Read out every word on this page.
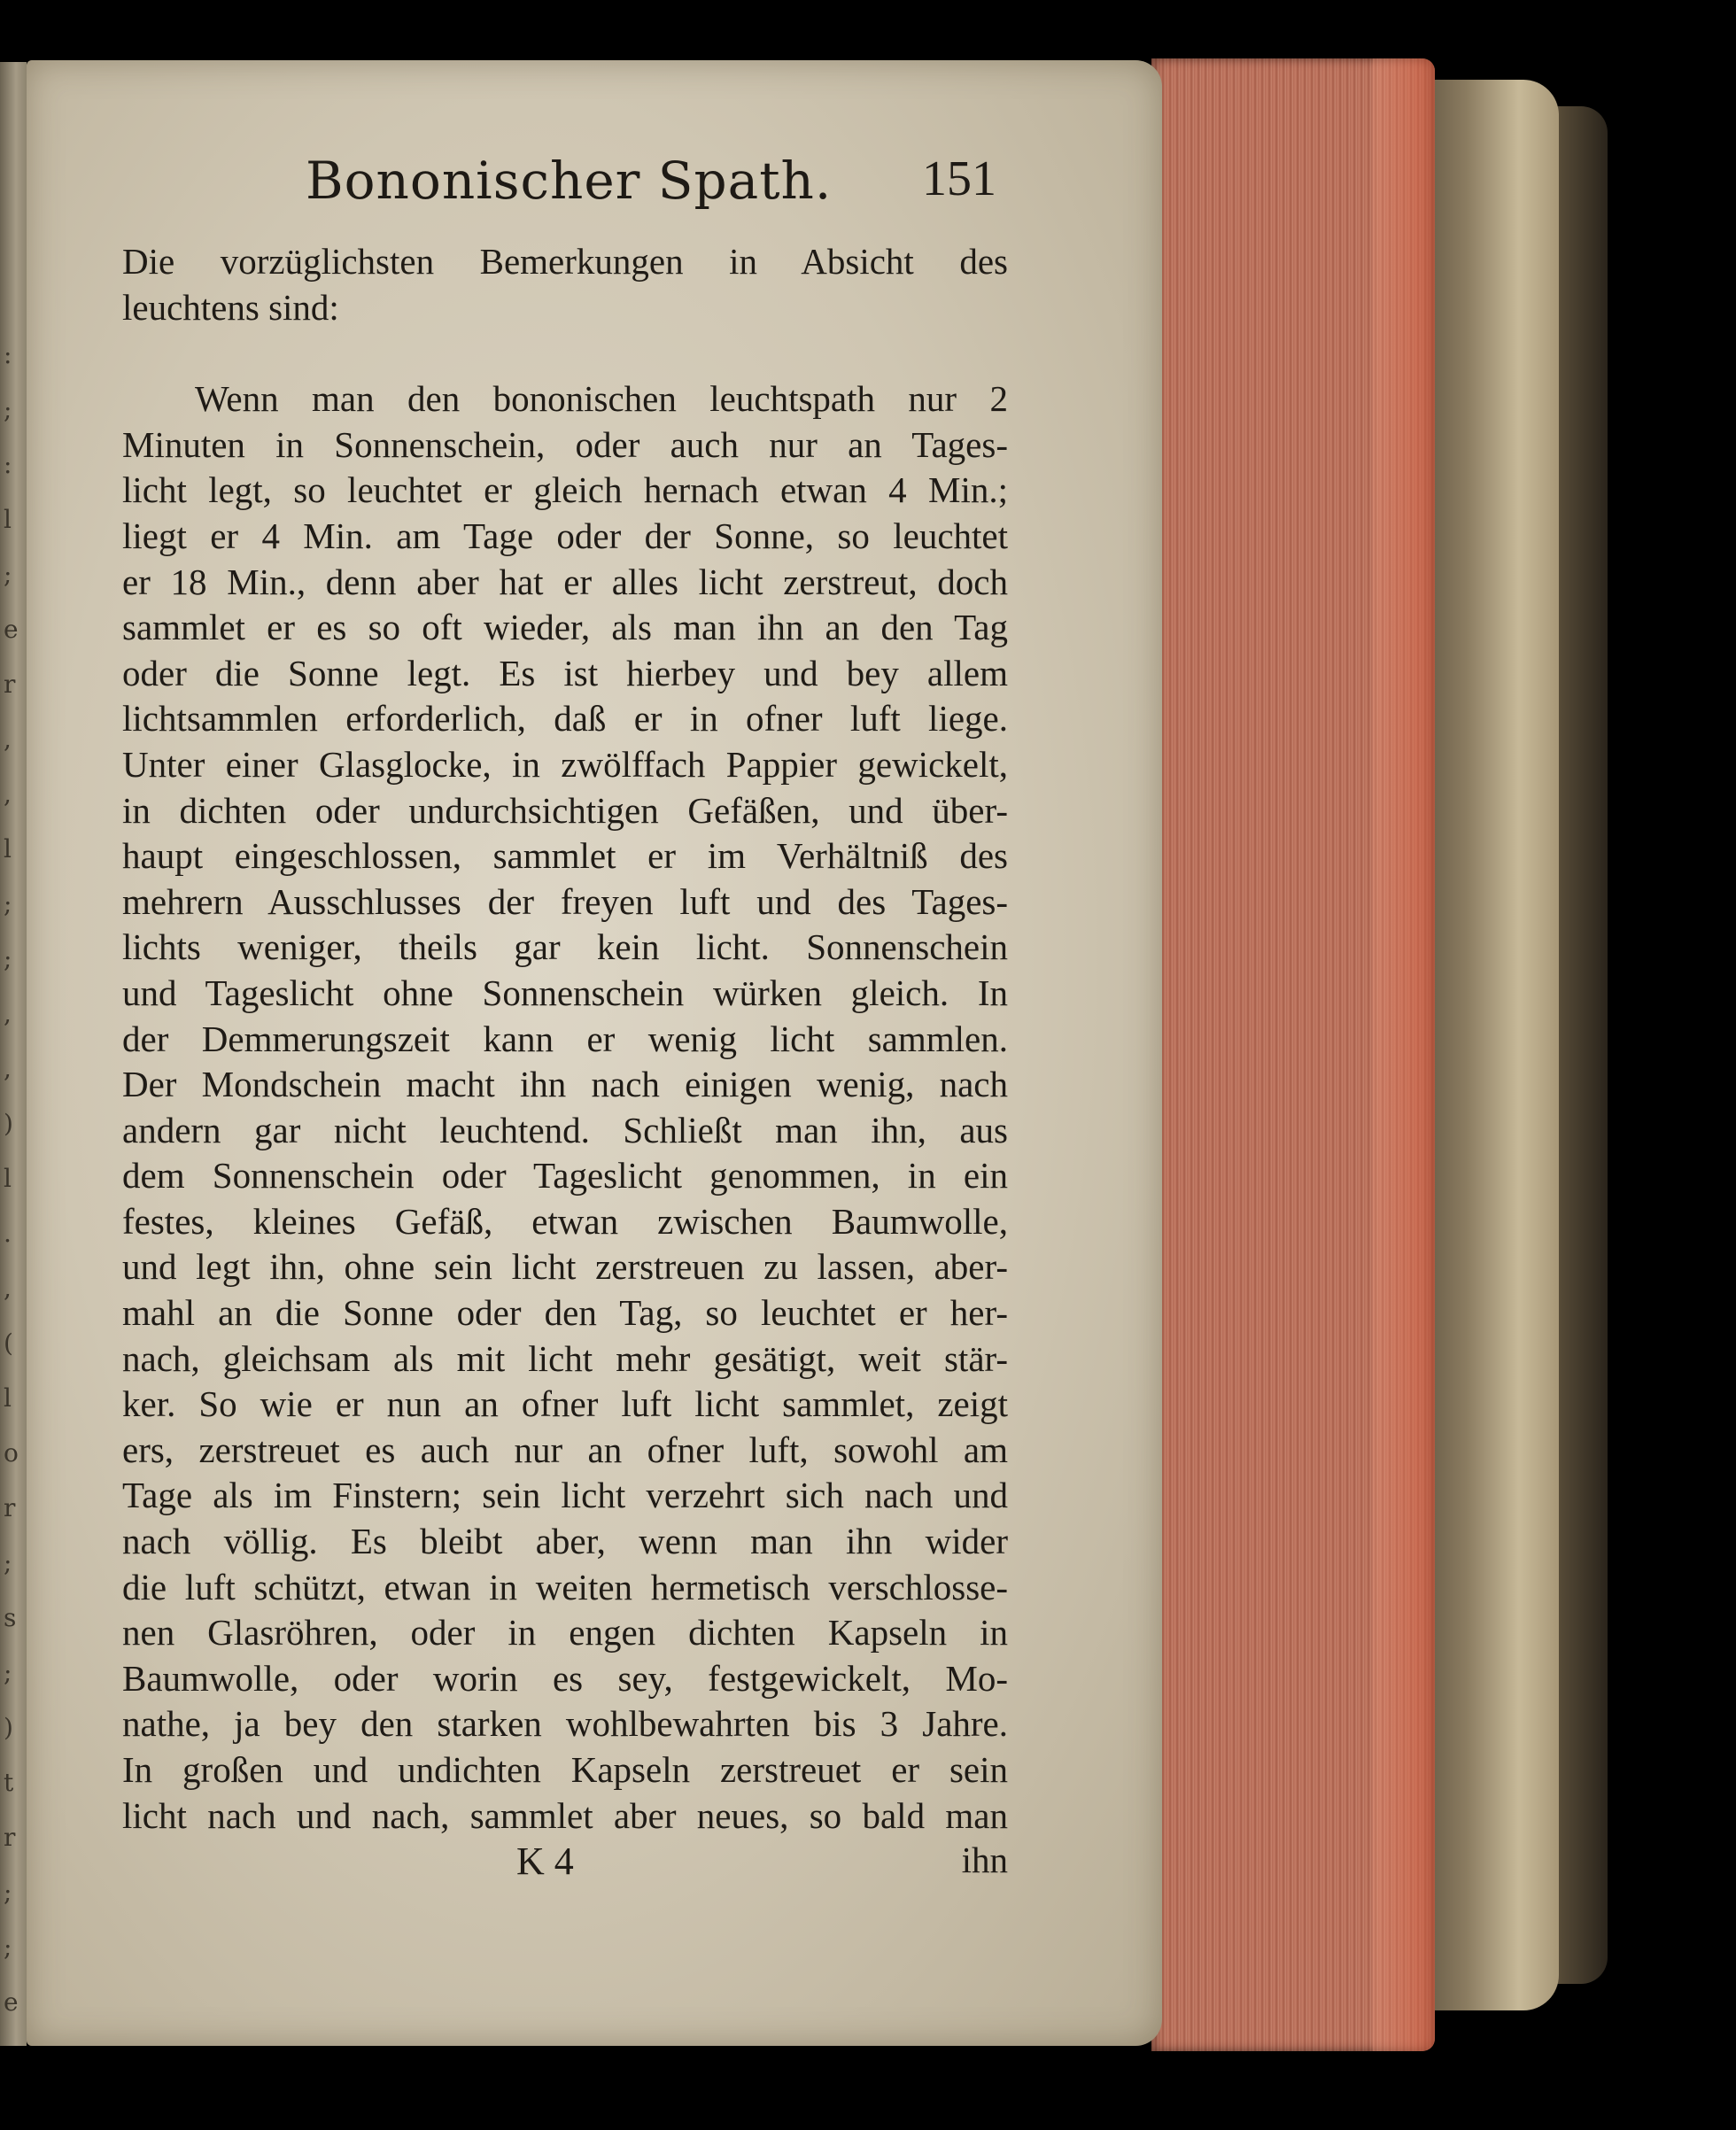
:
;
:
l
;
e
r
,
,
l
;
;
,
,
)
l
.
,
(
l
o
r
;
s
;
)
t
r
;
;
e
Bononischer Spath. 151
Die vorzüglichsten Bemerkungen in Absicht des
leuchtens sind:
Wenn man den bononischen leuchtspath nur 2
Minuten in Sonnenschein, oder auch nur an Tages-
licht legt, so leuchtet er gleich hernach etwan 4 Min.;
liegt er 4 Min. am Tage oder der Sonne, so leuchtet
er 18 Min., denn aber hat er alles licht zerstreut, doch
sammlet er es so oft wieder, als man ihn an den Tag
oder die Sonne legt. Es ist hierbey und bey allem
lichtsammlen erforderlich, daß er in ofner luft liege.
Unter einer Glasglocke, in zwölffach Pappier gewickelt,
in dichten oder undurchsichtigen Gefäßen, und über-
haupt eingeschlossen, sammlet er im Verhältniß des
mehrern Ausschlusses der freyen luft und des Tages-
lichts weniger, theils gar kein licht. Sonnenschein
und Tageslicht ohne Sonnenschein würken gleich. In
der Demmerungszeit kann er wenig licht sammlen.
Der Mondschein macht ihn nach einigen wenig, nach
andern gar nicht leuchtend. Schließt man ihn, aus
dem Sonnenschein oder Tageslicht genommen, in ein
festes, kleines Gefäß, etwan zwischen Baumwolle,
und legt ihn, ohne sein licht zerstreuen zu lassen, aber-
mahl an die Sonne oder den Tag, so leuchtet er her-
nach, gleichsam als mit licht mehr gesätigt, weit stär-
ker. So wie er nun an ofner luft licht sammlet, zeigt
ers, zerstreuet es auch nur an ofner luft, sowohl am
Tage als im Finstern; sein licht verzehrt sich nach und
nach völlig. Es bleibt aber, wenn man ihn wider
die luft schützt, etwan in weiten hermetisch verschlosse-
nen Glasröhren, oder in engen dichten Kapseln in
Baumwolle, oder worin es sey, festgewickelt, Mo-
nathe, ja bey den starken wohlbewahrten bis 3 Jahre.
In großen und undichten Kapseln zerstreuet er sein
licht nach und nach, sammlet aber neues, so bald man
K 4	ihn
